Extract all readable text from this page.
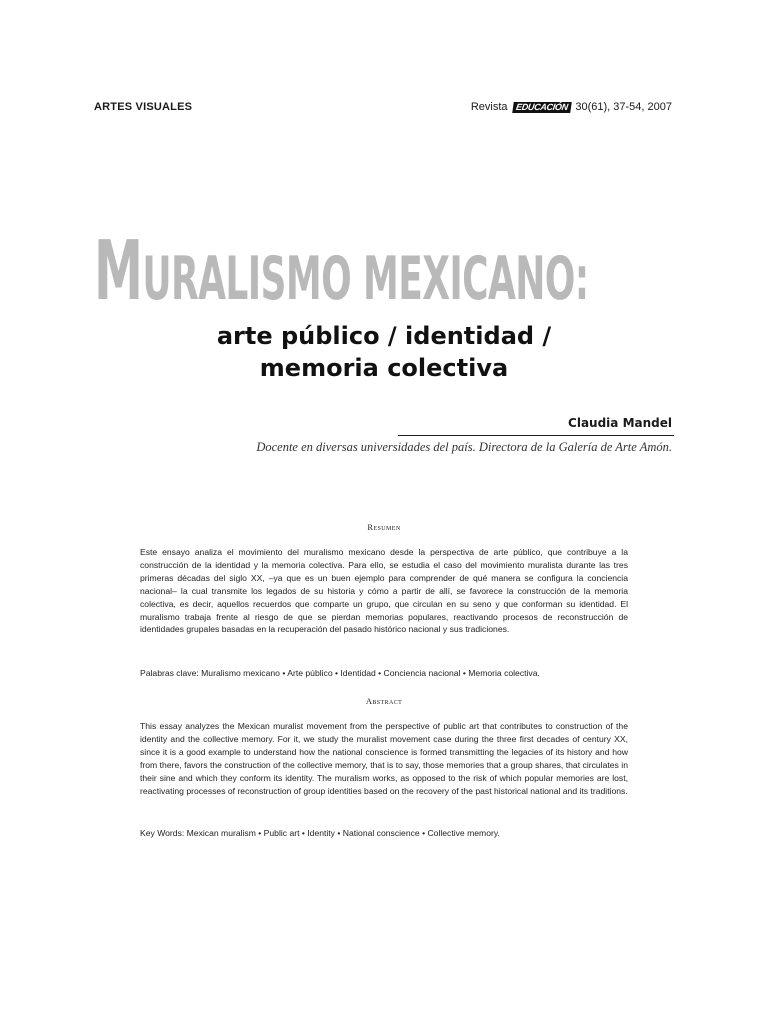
ARTES VISUALES	Revista EDUCACIÓN 30(61), 37-54, 2007
MURALISMO MEXICANO:
arte público / identidad /
memoria colectiva
Claudia Mandel
Docente en diversas universidades del país. Directora de la Galería de Arte Amón.
Resumen

Este ensayo analiza el movimiento del muralismo mexicano desde la perspectiva de arte público, que contribuye a la construcción de la identidad y la memoria colectiva. Para ello, se estudia el caso del movimiento muralista durante las tres primeras décadas del siglo XX, –ya que es un buen ejemplo para comprender de qué manera se configura la conciencia nacional– la cual transmite los legados de su historia y cómo a partir de allí, se favorece la construcción de la memoria colectiva, es decir, aquellos recuerdos que comparte un grupo, que circulan en su seno y que conforman su identidad. El muralismo trabaja frente al riesgo de que se pierdan memorias populares, reactivando procesos de reconstrucción de identidades grupales basadas en la recuperación del pasado histórico nacional y sus tradiciones.

Palabras clave: Muralismo mexicano • Arte público • Identidad • Conciencia nacional • Memoria colectiva.
Abstract

This essay analyzes the Mexican muralist movement from the perspective of public art that contributes to construction of the identity and the collective memory. For it, we study the muralist movement case during the three first decades of century XX, since it is a good example to understand how the national conscience is formed transmitting the legacies of its history and how from there, favors the construction of the collective memory, that is to say, those memories that a group shares, that circulates in their sine and which they conform its identity. The muralism works, as opposed to the risk of which popular memories are lost, reactivating processes of reconstruction of group identities based on the recovery of the past historical national and its traditions.

Key Words: Mexican muralism • Public art • Identity • National conscience • Collective memory.
